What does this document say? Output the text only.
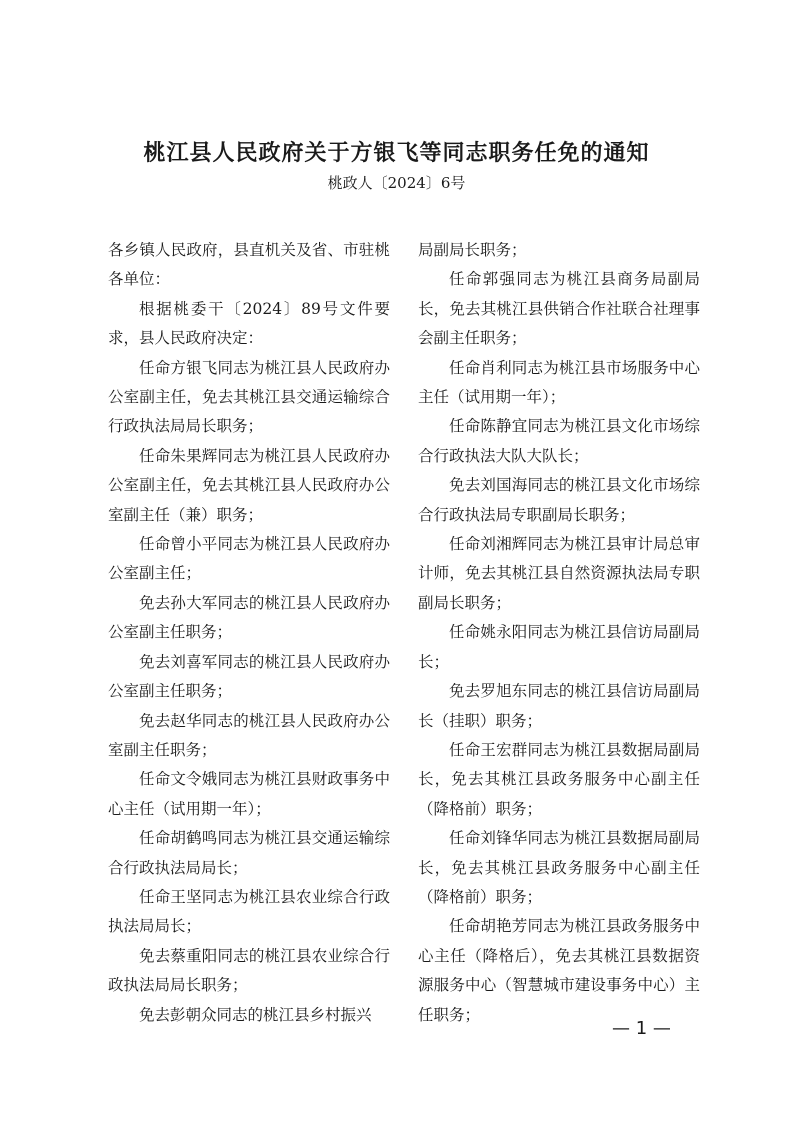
桃江县人民政府关于方银飞等同志职务任免的通知
桃政人〔2024〕6号

各乡镇人民政府，县直机关及省、市驻桃各单位：

根据桃委干〔2024〕89号文件要求，县人民政府决定：

任命方银飞同志为桃江县人民政府办公室副主任，免去其桃江县交通运输综合行政执法局局长职务；

任命朱果辉同志为桃江县人民政府办公室副主任，免去其桃江县人民政府办公室副主任（兼）职务；

任命曾小平同志为桃江县人民政府办公室副主任；

免去孙大军同志的桃江县人民政府办公室副主任职务；

免去刘喜军同志的桃江县人民政府办公室副主任职务；

免去赵华同志的桃江县人民政府办公室副主任职务；

任命文令娥同志为桃江县财政事务中心主任（试用期一年）；

任命胡鹤鸣同志为桃江县交通运输综合行政执法局局长；

任命王坚同志为桃江县农业综合行政执法局局长；

免去蔡重阳同志的桃江县农业综合行政执法局局长职务；

免去彭朝众同志的桃江县乡村振兴

局副局长职务；

任命郭强同志为桃江县商务局副局长，免去其桃江县供销合作社联合社理事会副主任职务；

任命肖利同志为桃江县市场服务中心主任（试用期一年）；

任命陈静宜同志为桃江县文化市场综合行政执法大队大队长；

免去刘国海同志的桃江县文化市场综合行政执法局专职副局长职务；

任命刘湘辉同志为桃江县审计局总审计师，免去其桃江县自然资源执法局专职副局长职务；

任命姚永阳同志为桃江县信访局副局长；

免去罗旭东同志的桃江县信访局副局长（挂职）职务；

任命王宏群同志为桃江县数据局副局长，免去其桃江县政务服务中心副主任（降格前）职务；

任命刘锋华同志为桃江县数据局副局长，免去其桃江县政务服务中心副主任（降格前）职务；

任命胡艳芳同志为桃江县政务服务中心主任（降格后），免去其桃江县数据资源服务中心（智慧城市建设事务中心）主任职务；

— 1 —
